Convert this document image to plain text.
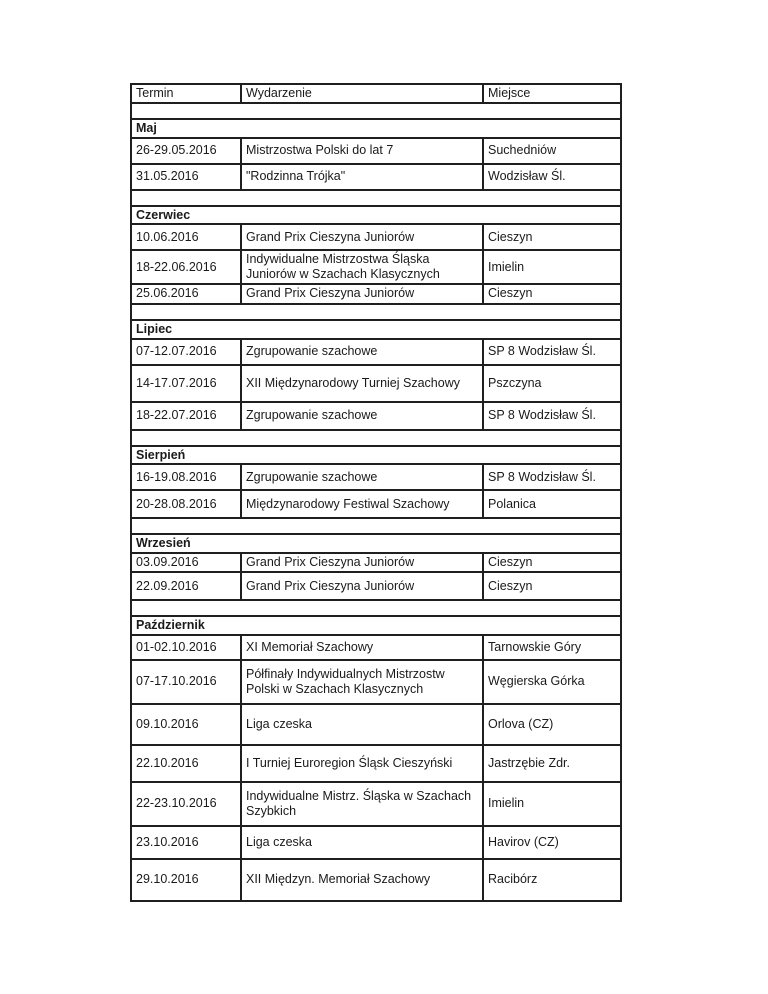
Termin	Wydarzenie	Miejsce

Maj		
26-29.05.2016	Mistrzostwa Polski do lat 7	Suchedniów
31.05.2016	"Rodzinna Trójka"	Wodzisław Śl.

Czerwiec		
10.06.2016	Grand Prix Cieszyna Juniorów	Cieszyn
18-22.06.2016	Indywidualne Mistrzostwa Śląska Juniorów w Szachach Klasycznych	Imielin
25.06.2016	Grand Prix Cieszyna Juniorów	Cieszyn

Lipiec		
07-12.07.2016	Zgrupowanie szachowe	SP 8 Wodzisław Śl.
14-17.07.2016	XII Międzynarodowy Turniej Szachowy	Pszczyna
18-22.07.2016	Zgrupowanie szachowe	SP 8 Wodzisław Śl.

Sierpień		
16-19.08.2016	Zgrupowanie szachowe	SP 8 Wodzisław Śl.
20-28.08.2016	Międzynarodowy Festiwal Szachowy	Polanica

Wrzesień		
03.09.2016	Grand Prix Cieszyna Juniorów	Cieszyn
22.09.2016	Grand Prix Cieszyna Juniorów	Cieszyn

Październik		
01-02.10.2016	XI Memoriał Szachowy	Tarnowskie Góry
07-17.10.2016	Półfinały Indywidualnych Mistrzostw Polski w Szachach Klasycznych	Węgierska Górka
09.10.2016	Liga czeska	Orlova (CZ)
22.10.2016	I Turniej Euroregion Śląsk Cieszyński	Jastrzębie Zdr.
22-23.10.2016	Indywidualne Mistrz. Śląska w Szachach Szybkich	Imielin
23.10.2016	Liga czeska	Havirov (CZ)
29.10.2016	XII Międzyn. Memoriał Szachowy	Racibórz
